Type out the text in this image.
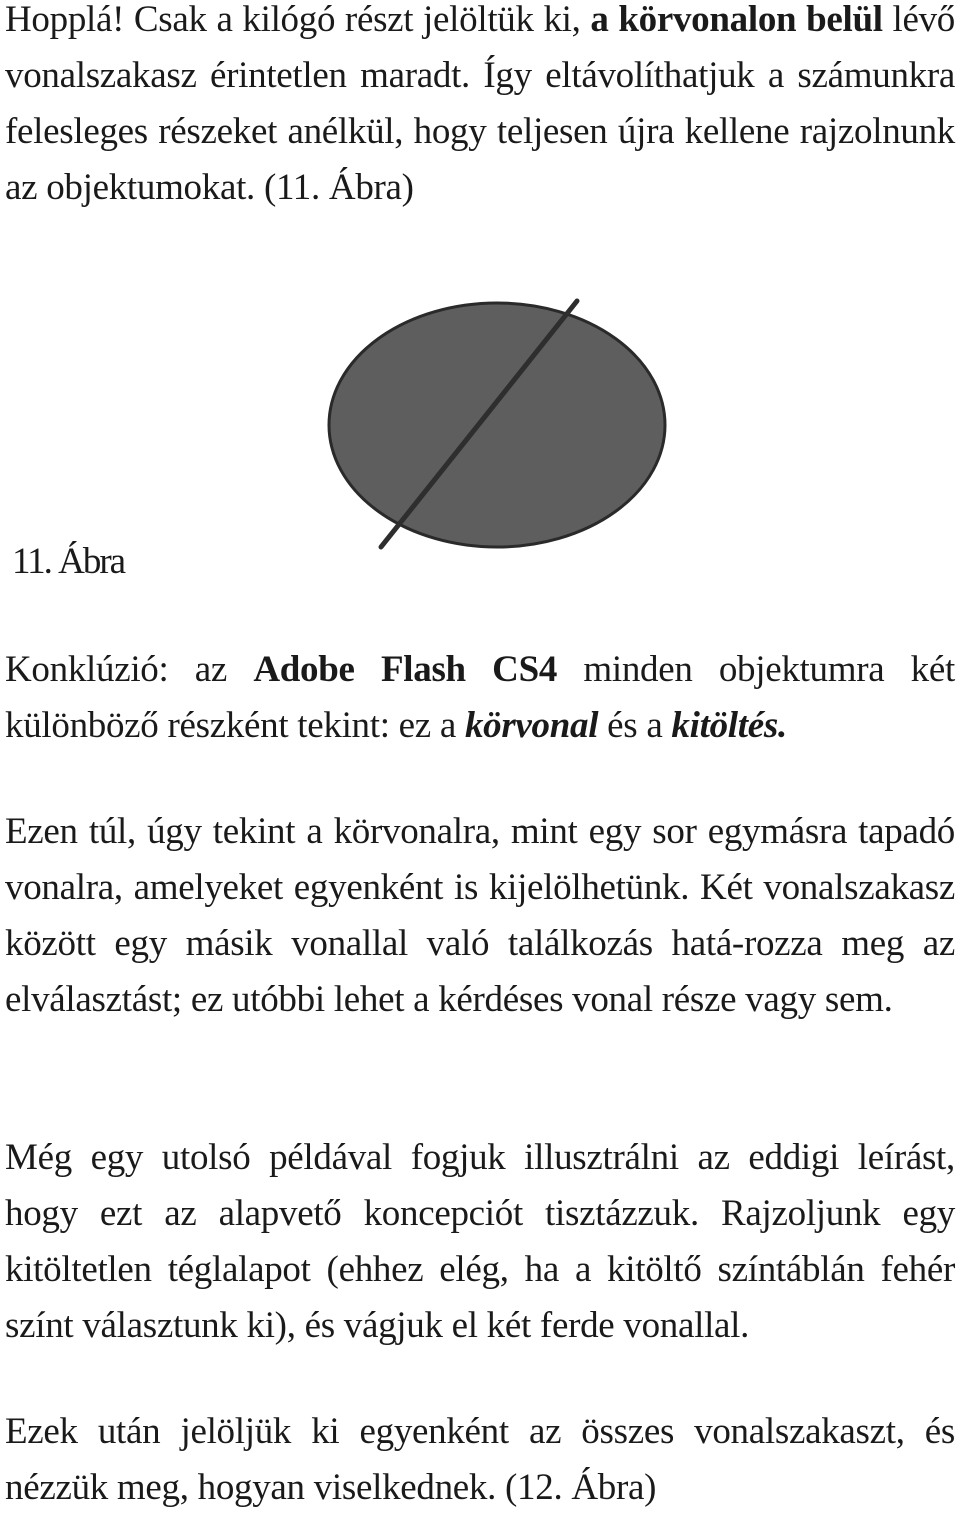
Hopplá! Csak a kilógó részt jelöltük ki, a körvonalon belül lévő vonalszakasz érintetlen maradt. Így eltávolíthatjuk a számunkra felesleges részeket anélkül, hogy teljesen újra kellene rajzolnunk az objektumokat. (11. Ábra)

11. Ábra

Konklúzió: az Adobe Flash CS4 minden objektumra két különböző részként tekint: ez a körvonal és a kitöltés.

Ezen túl, úgy tekint a körvonalra, mint egy sor egymásra tapadó vonalra, amelyeket egyenként is kijelölhetünk. Két vonalszakasz között egy másik vonallal való találkozás hatá-rozza meg az elválasztást; ez utóbbi lehet a kérdéses vonal része vagy sem.

Még egy utolsó példával fogjuk illusztrálni az eddigi leírást, hogy ezt az alapvető koncepciót tisztázzuk. Rajzoljunk egy kitöltetlen téglalapot (ehhez elég, ha a kitöltő színtáblán fehér színt választunk ki), és vágjuk el két ferde vonallal.

Ezek után jelöljük ki egyenként az összes vonalszakaszt, és nézzük meg, hogyan viselkednek. (12. Ábra)
